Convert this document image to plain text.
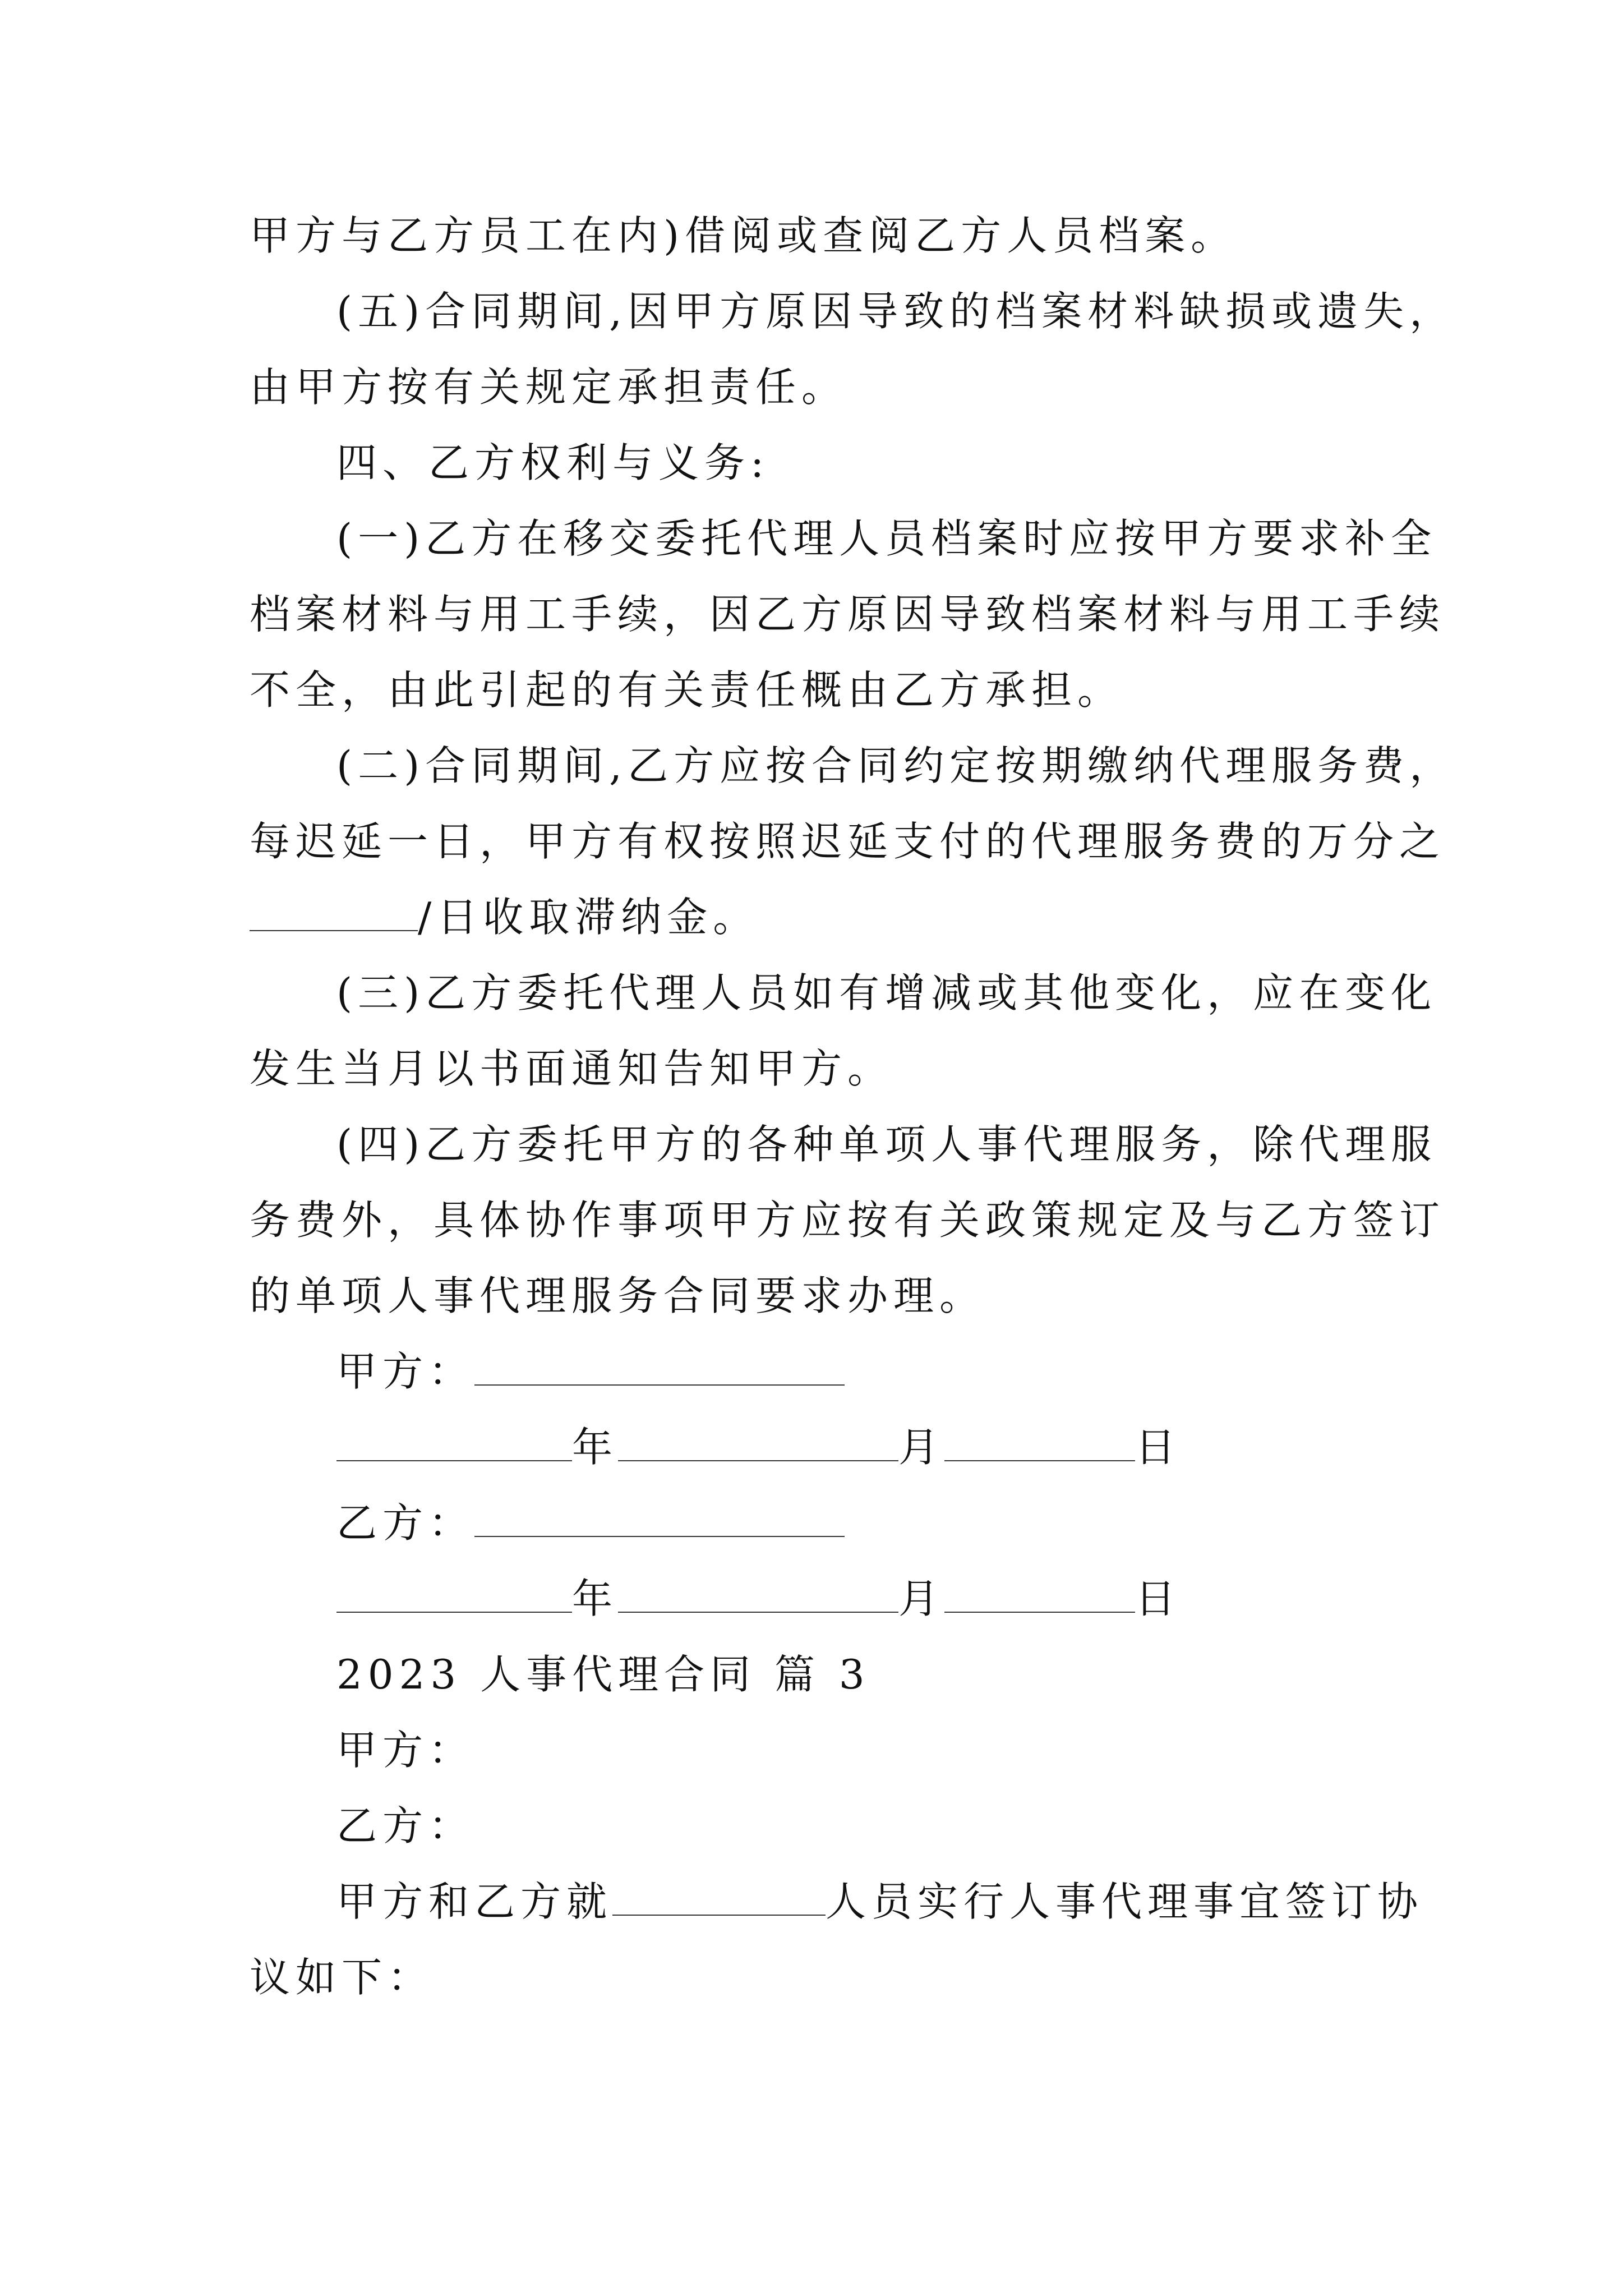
甲方与乙方员工在内)借阅或查阅乙方人员档案。
(五)合同期间,因甲方原因导致的档案材料缺损或遗失，
由甲方按有关规定承担责任。
四、乙方权利与义务:
(一)乙方在移交委托代理人员档案时应按甲方要求补全
档案材料与用工手续，因乙方原因导致档案材料与用工手续
不全，由此引起的有关责任概由乙方承担。
(二)合同期间,乙方应按合同约定按期缴纳代理服务费，
每迟延一日，甲方有权按照迟延支付的代理服务费的万分之
/日收取滞纳金。
(三)乙方委托代理人员如有增减或其他变化，应在变化
发生当月以书面通知告知甲方。
(四)乙方委托甲方的各种单项人事代理服务，除代理服
务费外，具体协作事项甲方应按有关政策规定及与乙方签订
的单项人事代理服务合同要求办理。
甲方：
年	月	日
乙方：
年	月	日
2023 人事代理合同 篇 3
甲方：
乙方：
甲方和乙方就	人员实行人事代理事宜签订协
议如下：
